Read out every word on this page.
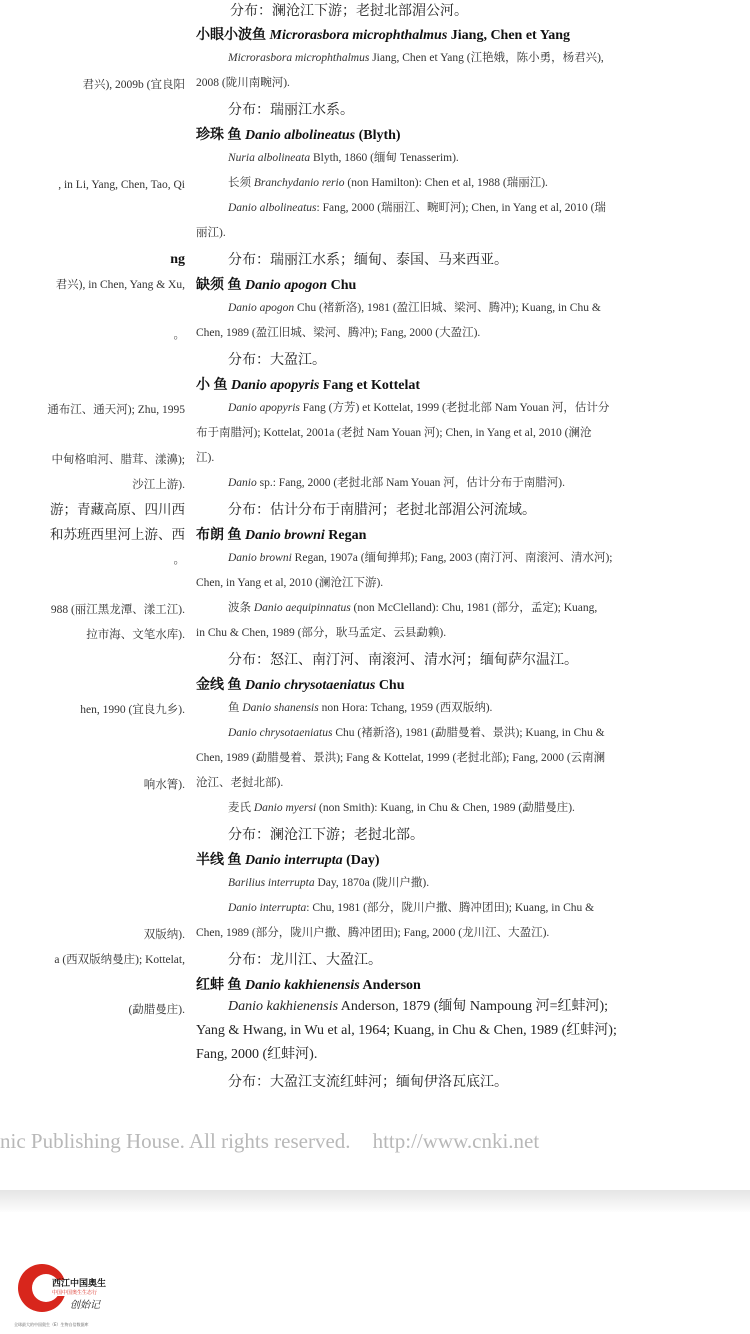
君兴), 2009b (宜良阳
, in Li, Yang, Chen, Tao, Qi
ng
君兴), in Chen, Yang & Xu,
。
通布江、通天河); Zhu, 1995
中甸格咱河、腊茸、漾濞);
沙江上游).
游；青藏高原、四川西
和苏班西里河上游、西
。
988 (丽江黑龙潭、漾工江).
拉市海、文笔水库).
hen, 1990 (宜良九乡).
响水箐).
双版纳).
a (西双版纳曼庄); Kottelat,
(勐腊曼庄).
分布：澜沧江下游；老挝北部湄公河。
小眼小波鱼 Microrasbora microphthalmus Jiang, Chen et Yang
Microrasbora microphthalmus Jiang, Chen et Yang (江艳娥，陈小勇，杨君兴),
2008 (陇川南畹河).
分布：瑞丽江水系。
珍珠 鱼 Danio albolineatus (Blyth)
Nuria albolineata Blyth, 1860 (缅甸 Tenasserim).
长须 Branchydanio rerio (non Hamilton): Chen et al, 1988 (瑞丽江).
Danio albolineatus: Fang, 2000 (瑞丽江、畹町河); Chen, in Yang et al, 2010 (瑞
丽江).
分布：瑞丽江水系；缅甸、泰国、马来西亚。
缺须 鱼 Danio apogon Chu
Danio apogon Chu (褚新洛), 1981 (盈江旧城、梁河、腾冲); Kuang, in Chu &
Chen, 1989 (盈江旧城、梁河、腾冲); Fang, 2000 (大盈江).
分布：大盈江。
小 鱼 Danio apopyris Fang et Kottelat
Danio apopyris Fang (方芳) et Kottelat, 1999 (老挝北部 Nam Youan 河，估计分
布于南腊河); Kottelat, 2001a (老挝 Nam Youan 河); Chen, in Yang et al, 2010 (澜沧
江).
Danio sp.: Fang, 2000 (老挝北部 Nam Youan 河，估计分布于南腊河).
分布：估计分布于南腊河；老挝北部湄公河流域。
布朗 鱼 Danio browni Regan
Danio browni Regan, 1907a (缅甸掸邦); Fang, 2003 (南汀河、南滚河、清水河);
Chen, in Yang et al, 2010 (澜沧江下游).
波条 Danio aequipinnatus (non McClelland): Chu, 1981 (部分，孟定); Kuang,
in Chu & Chen, 1989 (部分，耿马孟定、云县勐赖).
分布：怒江、南汀河、南滚河、清水河；缅甸萨尔温江。
金线 鱼 Danio chrysotaeniatus Chu
鱼 Danio shanensis non Hora: Tchang, 1959 (西双版纳).
Danio chrysotaeniatus Chu (褚新洛), 1981 (勐腊曼着、景洪); Kuang, in Chu &
Chen, 1989 (勐腊曼着、景洪); Fang & Kottelat, 1999 (老挝北部); Fang, 2000 (云南澜
沧江、老挝北部).
麦氏 Danio myersi (non Smith): Kuang, in Chu & Chen, 1989 (勐腊曼庄).
分布：澜沧江下游；老挝北部。
半线 鱼 Danio interrupta (Day)
Barilius interrupta Day, 1870a (陇川户撒).
Danio interrupta: Chu, 1981 (部分，陇川户撒、腾冲团田); Kuang, in Chu &
Chen, 1989 (部分，陇川户撒、腾冲团田); Fang, 2000 (龙川江、大盈江).
分布：龙川江、大盈江。
红蚌 鱼 Danio kakhienensis Anderson
Danio kakhienensis Anderson, 1879 (缅甸 Nampoung 河=红蚌河);
Yang & Hwang, in Wu et al, 1964; Kuang, in Chu & Chen, 1989 (红蚌河);
Fang, 2000 (红蚌河).
分布：大盈江支流红蚌河；缅甸伊洛瓦底江。
nic Publishing House. All rights reserved. http://www.cnki.net
西江中国奥生
中国中国奥生生态行
创始记
全球最大的中国奥生（E）生物自信数据库
